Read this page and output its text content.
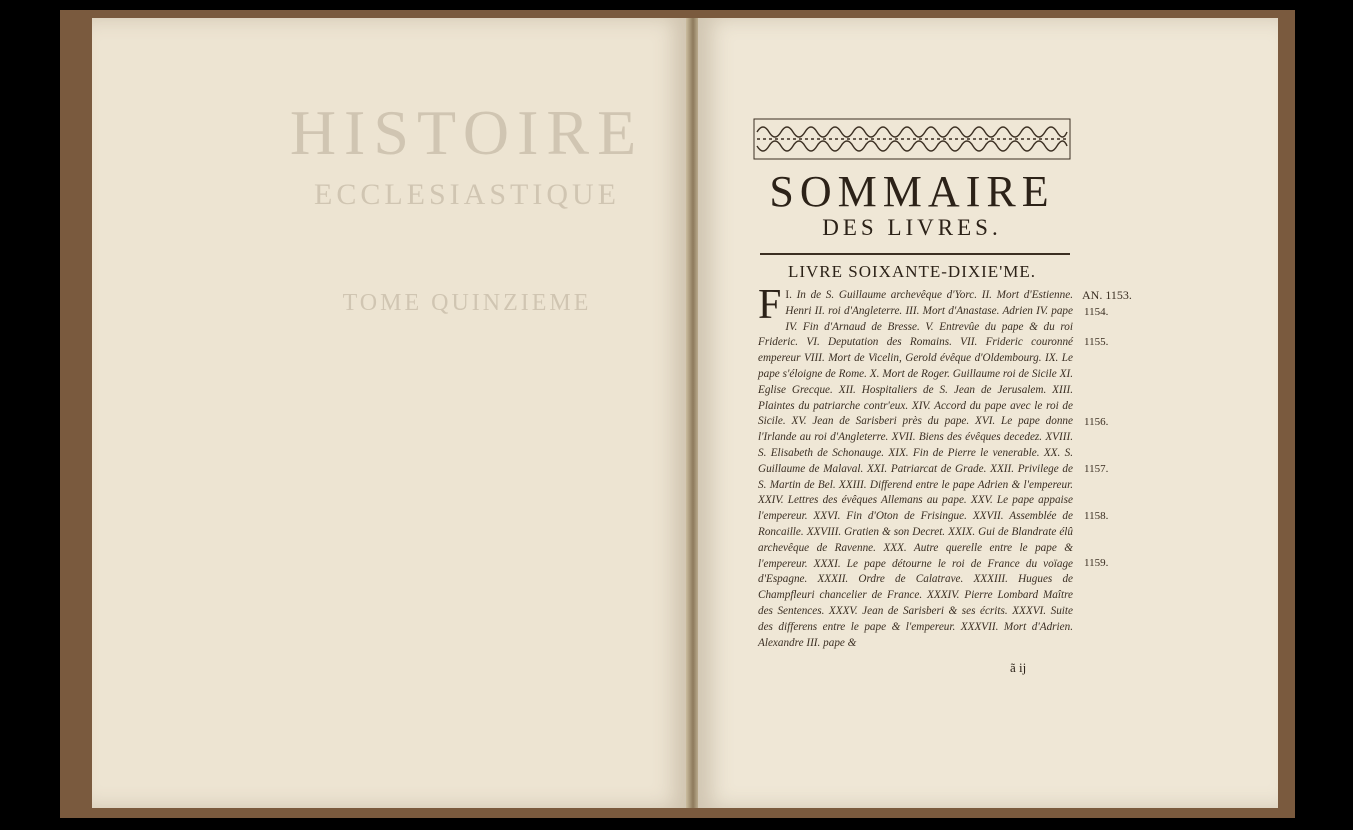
HISTOIRE
ECCLESIASTIQUE
TOME QUINZIEME
SOMMAIRE
DES LIVRES.
LIVRE SOIXANTE-DIXIE'ME.
I.
F In de S. Guillaume archevêque d'Yorc. II. Mort d'Estienne. Henri II. roi d'Angleterre. III. Mort d'Anastase. Adrien IV. pape IV. Fin d'Arnaud de Bresse. V. Entrevûe du pape & du roi Frideric. VI. Deputation des Romains. VII. Frideric couronné empereur VIII. Mort de Vicelin, Gerold évêque d'Oldembourg. IX. Le pape s'éloigne de Rome. X. Mort de Roger. Guillaume roi de Sicile XI. Eglise Grecque. XII. Hospitaliers de S. Jean de Jerusalem. XIII. Plaintes du patriarche contr'eux. XIV. Accord du pape avec le roi de Sicile. XV. Jean de Sarisberi près du pape. XVI. Le pape donne l'Irlande au roi d'Angleterre. XVII. Biens des évêques decedez. XVIII. S. Elisabeth de Schonauge. XIX. Fin de Pierre le venerable. XX. S. Guillaume de Malaval. XXI. Patriarcat de Grade. XXII. Privilege de S. Martin de Bel. XXIII. Differend entre le pape Adrien & l'empereur. XXIV. Lettres des évêques Allemans au pape. XXV. Le pape appaise l'empereur. XXVI. Fin d'Oton de Frisingue. XXVII. Assemblée de Roncaille. XXVIII. Gratien & son Decret. XXIX. Gui de Blandrate élû archevêque de Ravenne. XXX. Autre querelle entre le pape & l'empereur. XXXI. Le pape détourne le roi de France du voïage d'Espagne. XXXII. Ordre de Calatrave. XXXIII. Hugues de Champfleuri chancelier de France. XXXIV. Pierre Lombard Maître des Sentences. XXXV. Jean de Sarisberi & ses écrits. XXXVI. Suite des differens entre le pape & l'empereur. XXXVII. Mort d'Adrien. Alexandre III. pape &
AN. 1153.
1154.
1155.
1156.
1157.
1158.
1159.
ã ij
